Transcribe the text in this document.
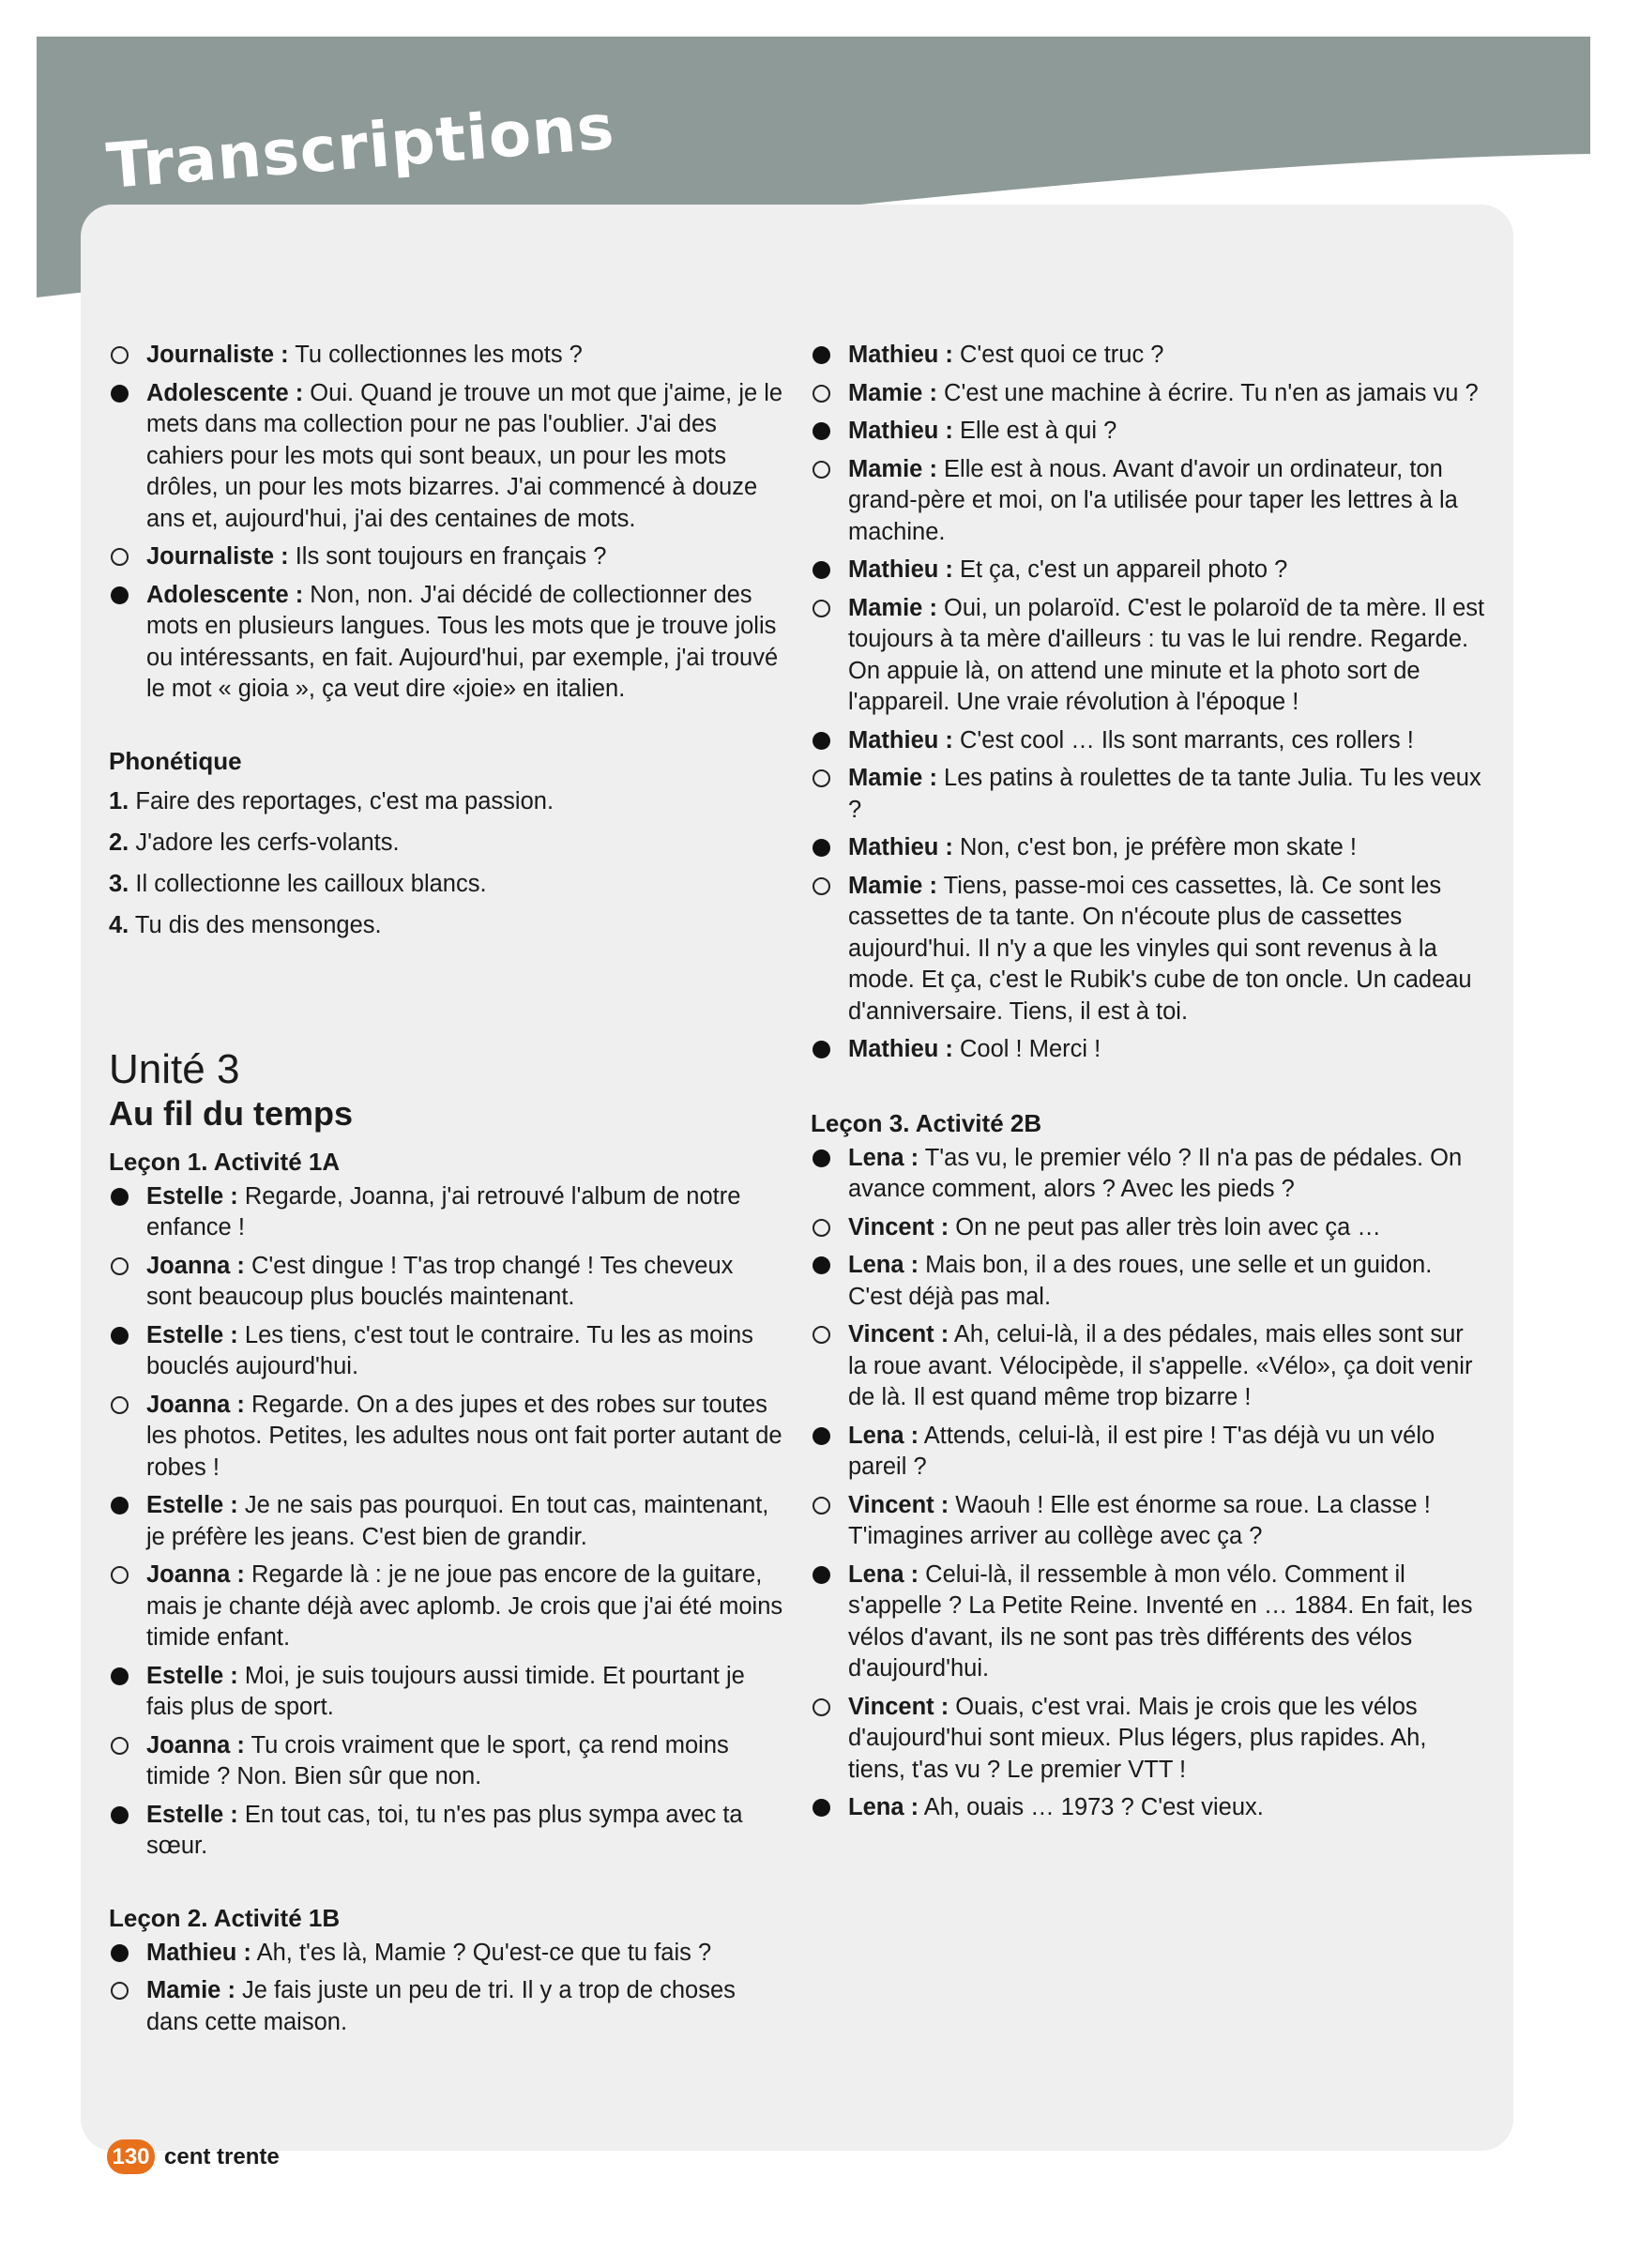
Transcriptions
Journaliste : Tu collectionnes les mots ?
Adolescente : Oui. Quand je trouve un mot que j'aime, je le mets dans ma collection pour ne pas l'oublier. J'ai des cahiers pour les mots qui sont beaux, un pour les mots drôles, un pour les mots bizarres. J'ai commencé à douze ans et, aujourd'hui, j'ai des centaines de mots.
Journaliste : Ils sont toujours en français ?
Adolescente : Non, non. J'ai décidé de collectionner des mots en plusieurs langues. Tous les mots que je trouve jolis ou intéressants, en fait. Aujourd'hui, par exemple, j'ai trouvé le mot « gioia », ça veut dire «joie» en italien.
Phonétique
1. Faire des reportages, c'est ma passion.
2. J'adore les cerfs-volants.
3. Il collectionne les cailloux blancs.
4. Tu dis des mensonges.
Unité 3
Au fil du temps
Leçon 1. Activité 1A
Estelle : Regarde, Joanna, j'ai retrouvé l'album de notre enfance !
Joanna : C'est dingue ! T'as trop changé ! Tes cheveux sont beaucoup plus bouclés maintenant.
Estelle : Les tiens, c'est tout le contraire. Tu les as moins bouclés aujourd'hui.
Joanna : Regarde. On a des jupes et des robes sur toutes les photos. Petites, les adultes nous ont fait porter autant de robes !
Estelle : Je ne sais pas pourquoi. En tout cas, maintenant, je préfère les jeans. C'est bien de grandir.
Joanna : Regarde là : je ne joue pas encore de la guitare, mais je chante déjà avec aplomb. Je crois que j'ai été moins timide enfant.
Estelle : Moi, je suis toujours aussi timide. Et pourtant je fais plus de sport.
Joanna : Tu crois vraiment que le sport, ça rend moins timide ? Non. Bien sûr que non.
Estelle : En tout cas, toi, tu n'es pas plus sympa avec ta sœur.
Leçon 2. Activité 1B
Mathieu : Ah, t'es là, Mamie ? Qu'est-ce que tu fais ?
Mamie : Je fais juste un peu de tri. Il y a trop de choses dans cette maison.
Mathieu : C'est quoi ce truc ?
Mamie : C'est une machine à écrire. Tu n'en as jamais vu ?
Mathieu : Elle est à qui ?
Mamie : Elle est à nous. Avant d'avoir un ordinateur, ton grand-père et moi, on l'a utilisée pour taper les lettres à la machine.
Mathieu : Et ça, c'est un appareil photo ?
Mamie : Oui, un polaroïd. C'est le polaroïd de ta mère. Il est toujours à ta mère d'ailleurs : tu vas le lui rendre. Regarde. On appuie là, on attend une minute et la photo sort de l'appareil. Une vraie révolution à l'époque !
Mathieu : C'est cool … Ils sont marrants, ces rollers !
Mamie : Les patins à roulettes de ta tante Julia. Tu les veux ?
Mathieu : Non, c'est bon, je préfère mon skate !
Mamie : Tiens, passe-moi ces cassettes, là. Ce sont les cassettes de ta tante. On n'écoute plus de cassettes aujourd'hui. Il n'y a que les vinyles qui sont revenus à la mode. Et ça, c'est le Rubik's cube de ton oncle. Un cadeau d'anniversaire. Tiens, il est à toi.
Mathieu : Cool ! Merci !
Leçon 3. Activité 2B
Lena : T'as vu, le premier vélo ? Il n'a pas de pédales. On avance comment, alors ? Avec les pieds ?
Vincent : On ne peut pas aller très loin avec ça …
Lena : Mais bon, il a des roues, une selle et un guidon. C'est déjà pas mal.
Vincent : Ah, celui-là, il a des pédales, mais elles sont sur la roue avant. Vélocipède, il s'appelle. «Vélo», ça doit venir de là. Il est quand même trop bizarre !
Lena : Attends, celui-là, il est pire ! T'as déjà vu un vélo pareil ?
Vincent : Waouh ! Elle est énorme sa roue. La classe ! T'imagines arriver au collège avec ça ?
Lena : Celui-là, il ressemble à mon vélo. Comment il s'appelle ? La Petite Reine. Inventé en … 1884. En fait, les vélos d'avant, ils ne sont pas très différents des vélos d'aujourd'hui.
Vincent : Ouais, c'est vrai. Mais je crois que les vélos d'aujourd'hui sont mieux. Plus légers, plus rapides. Ah, tiens, t'as vu ? Le premier VTT !
Lena : Ah, ouais … 1973 ? C'est vieux.
130 cent trente
